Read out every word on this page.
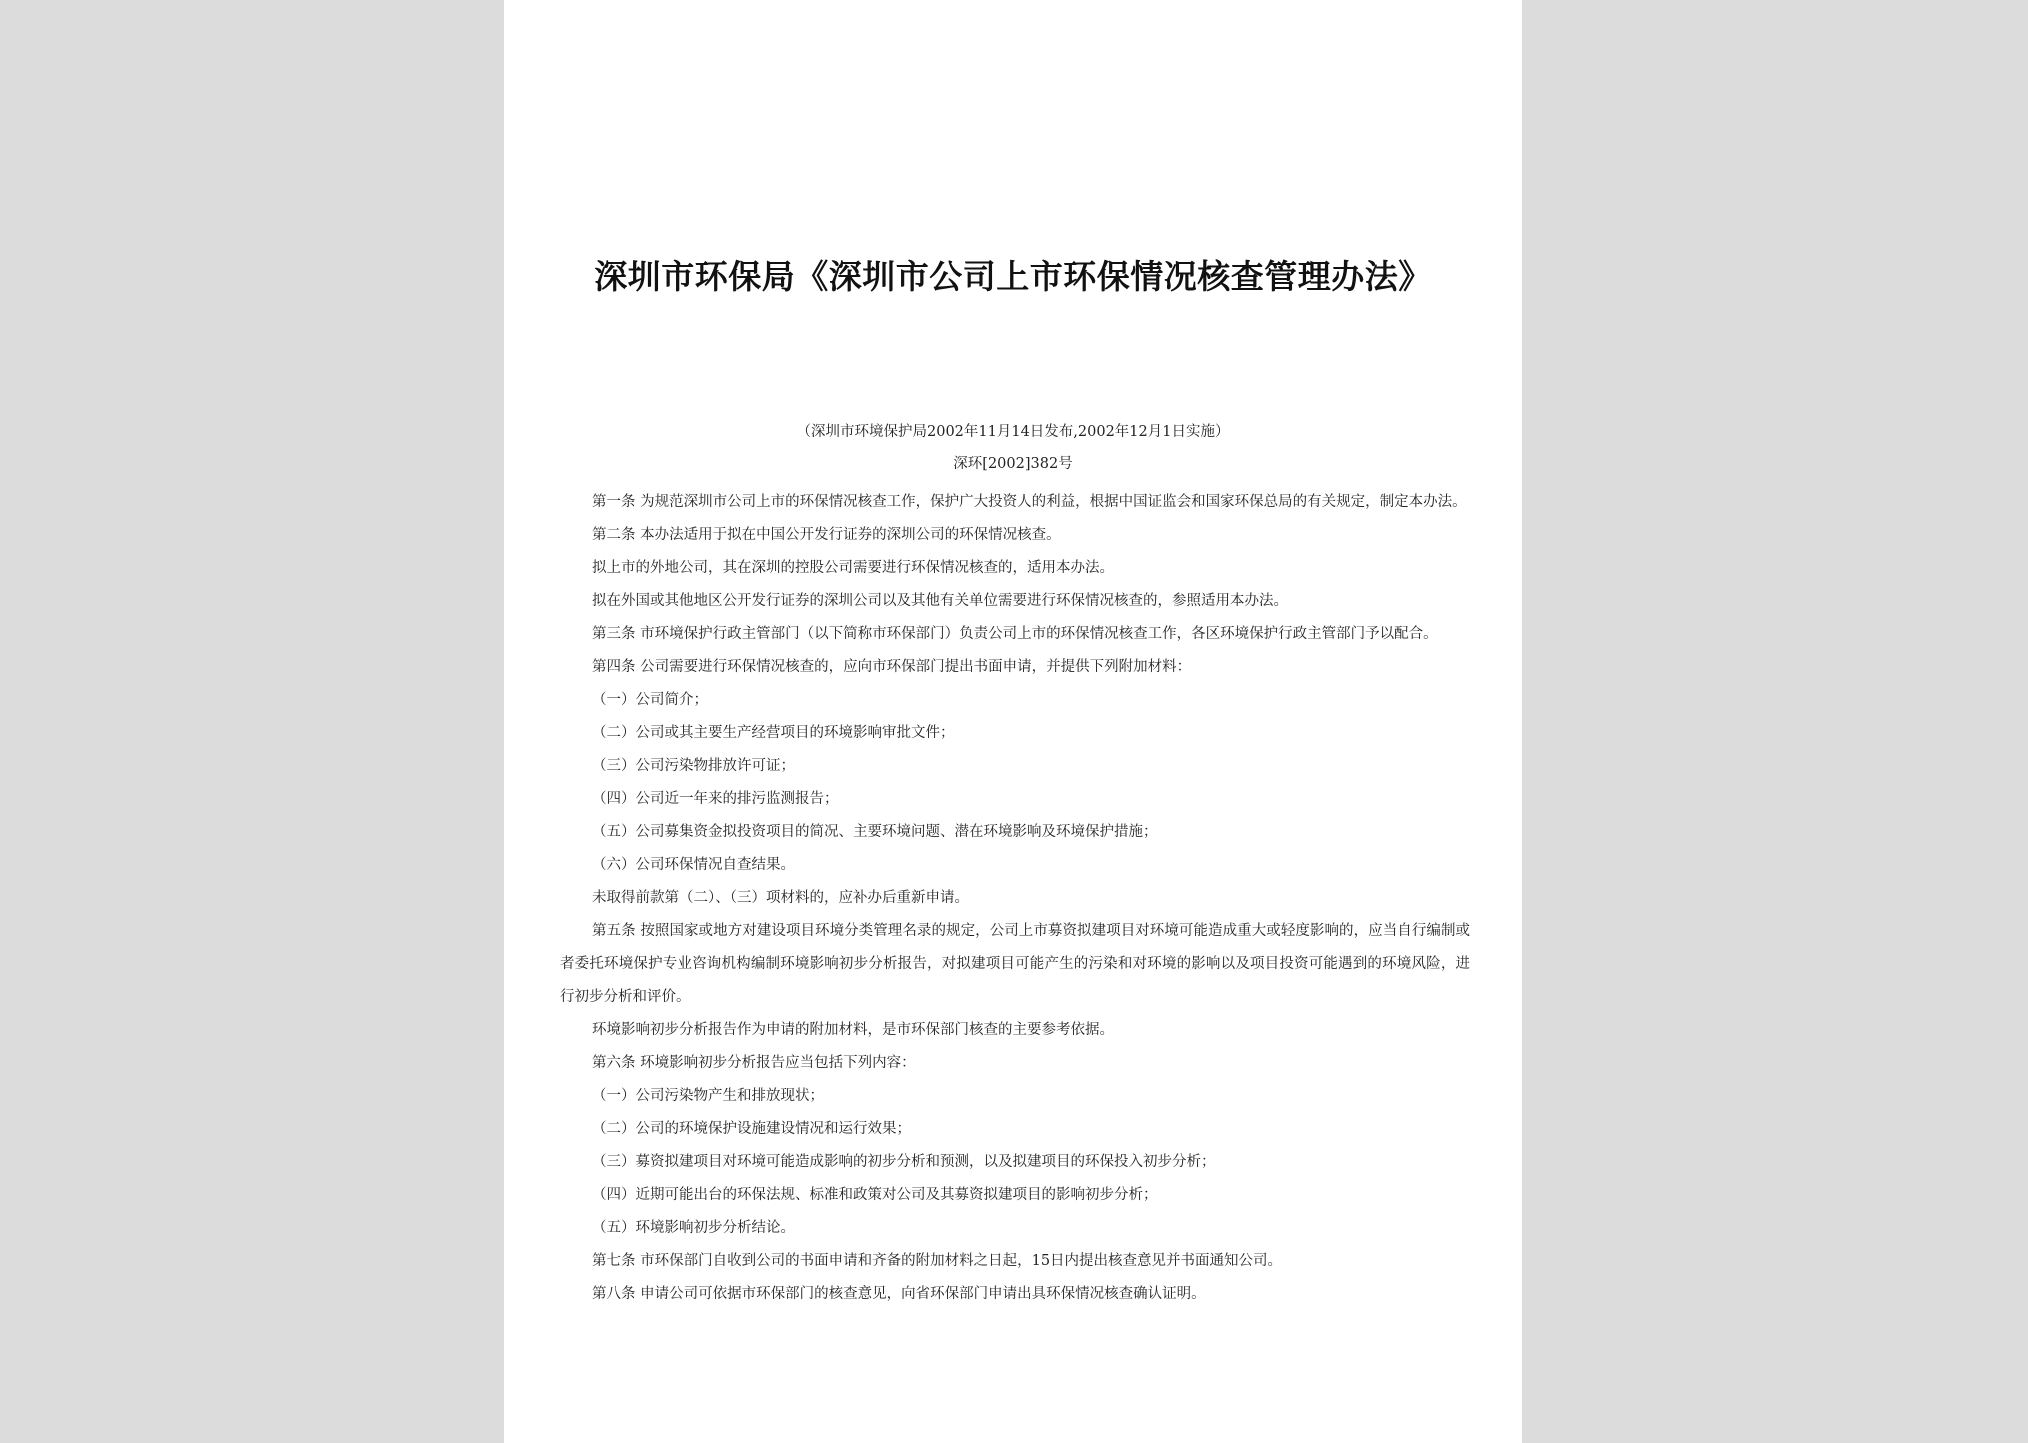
深圳市环保局《深圳市公司上市环保情况核查管理办法》
（深圳市环境保护局2002年11月14日发布,2002年12月1日实施）
深环[2002]382号

第一条 为规范深圳市公司上市的环保情况核查工作，保护广大投资人的利益，根据中国证监会和国家环保总局的有关规定，制定本办法。

第二条 本办法适用于拟在中国公开发行证券的深圳公司的环保情况核查。

拟上市的外地公司，其在深圳的控股公司需要进行环保情况核查的，适用本办法。

拟在外国或其他地区公开发行证券的深圳公司以及其他有关单位需要进行环保情况核查的，参照适用本办法。

第三条 市环境保护行政主管部门（以下简称市环保部门）负责公司上市的环保情况核查工作，各区环境保护行政主管部门予以配合。

第四条 公司需要进行环保情况核查的，应向市环保部门提出书面申请，并提供下列附加材料：

（一）公司简介；

（二）公司或其主要生产经营项目的环境影响审批文件；

（三）公司污染物排放许可证；

（四）公司近一年来的排污监测报告；

（五）公司募集资金拟投资项目的简况、主要环境问题、潜在环境影响及环境保护措施；

（六）公司环保情况自查结果。

未取得前款第（二）、（三）项材料的，应补办后重新申请。

第五条 按照国家或地方对建设项目环境分类管理名录的规定，公司上市募资拟建项目对环境可能造成重大或轻度影响的，应当自行编制或者委托环境保护专业咨询机构编制环境影响初步分析报告，对拟建项目可能产生的污染和对环境的影响以及项目投资可能遇到的环境风险，进行初步分析和评价。

环境影响初步分析报告作为申请的附加材料，是市环保部门核查的主要参考依据。

第六条 环境影响初步分析报告应当包括下列内容：

（一）公司污染物产生和排放现状；

（二）公司的环境保护设施建设情况和运行效果；

（三）募资拟建项目对环境可能造成影响的初步分析和预测，以及拟建项目的环保投入初步分析；

（四）近期可能出台的环保法规、标准和政策对公司及其募资拟建项目的影响初步分析；

（五）环境影响初步分析结论。

第七条 市环保部门自收到公司的书面申请和齐备的附加材料之日起，15日内提出核查意见并书面通知公司。

第八条 申请公司可依据市环保部门的核查意见，向省环保部门申请出具环保情况核查确认证明。
